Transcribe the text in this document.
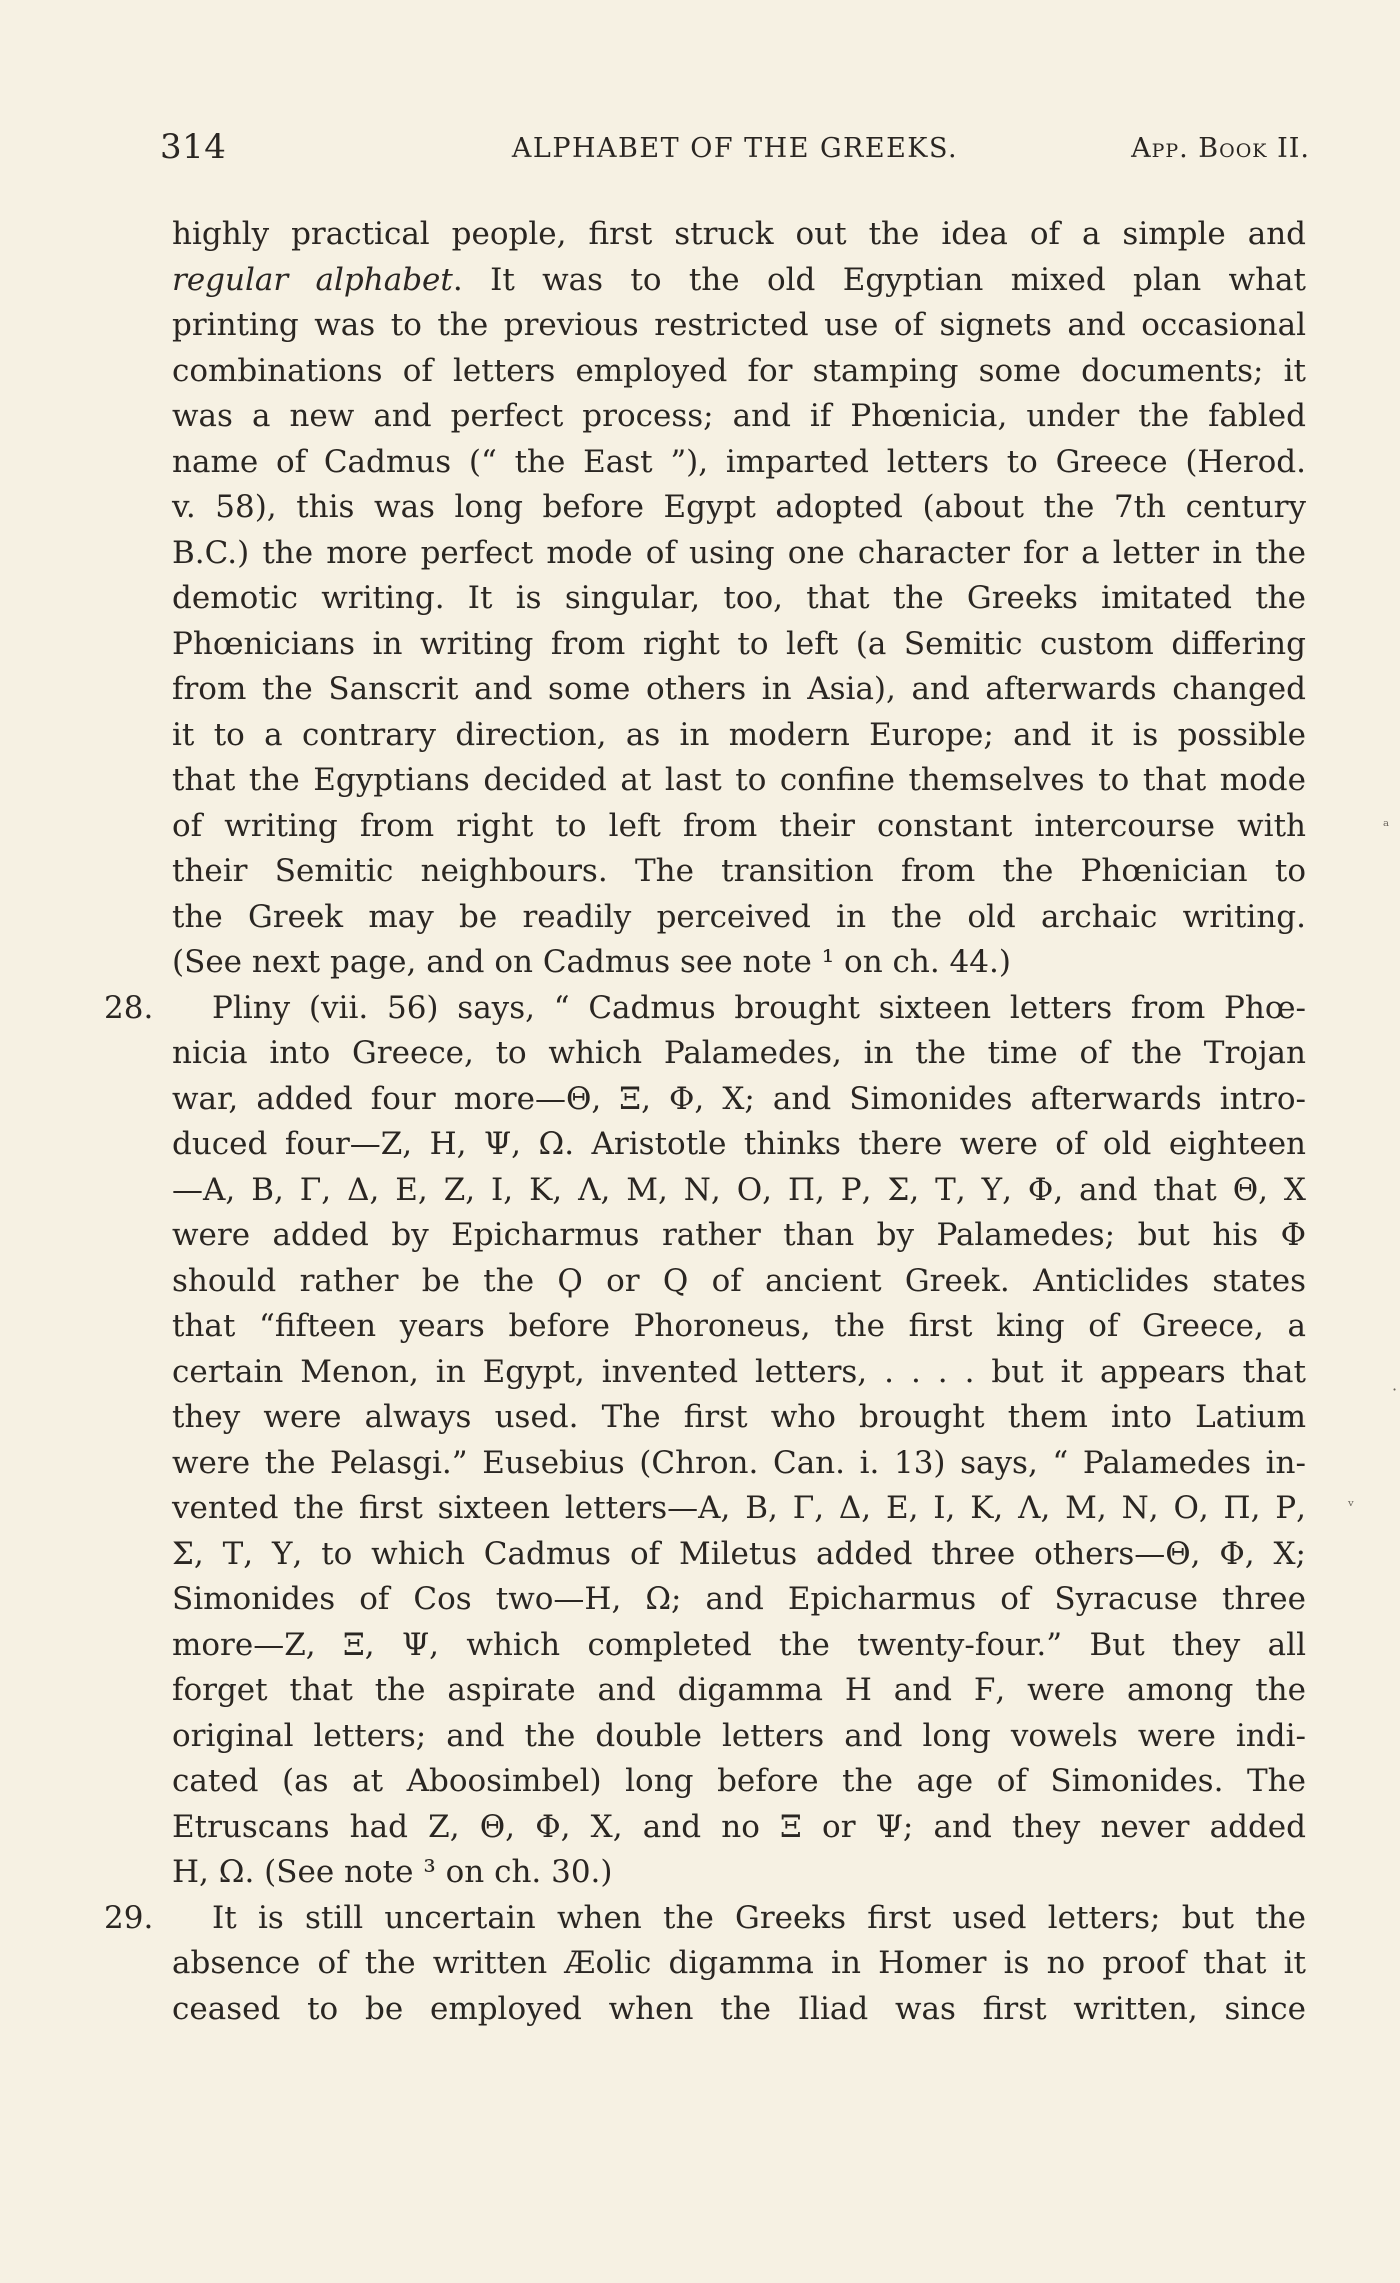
314	ALPHABET OF THE GREEKS.	App. Book II.
highly practical people, first struck out the idea of a simple and
regular alphabet. It was to the old Egyptian mixed plan what
printing was to the previous restricted use of signets and occasional
combinations of letters employed for stamping some documents; it
was a new and perfect process; and if Phœnicia, under the fabled
name of Cadmus (“ the East ”), imparted letters to Greece (Herod.
v. 58), this was long before Egypt adopted (about the 7th century
B.C.) the more perfect mode of using one character for a letter in the
demotic writing. It is singular, too, that the Greeks imitated the
Phœnicians in writing from right to left (a Semitic custom differing
from the Sanscrit and some others in Asia), and afterwards changed
it to a contrary direction, as in modern Europe; and it is possible
that the Egyptians decided at last to confine themselves to that mode
of writing from right to left from their constant intercourse with
their Semitic neighbours. The transition from the Phœnician to
the Greek may be readily perceived in the old archaic writing.
(See next page, and on Cadmus see note ¹ on ch. 44.)
28. Pliny (vii. 56) says, “ Cadmus brought sixteen letters from Phœ-
nicia into Greece, to which Palamedes, in the time of the Trojan
war, added four more—Θ, Ξ, Φ, Χ; and Simonides afterwards intro-
duced four—Ζ, Η, Ψ, Ω. Aristotle thinks there were of old eighteen
—Α, Β, Γ, Δ, Ε, Ζ, Ι, Κ, Λ, Μ, Ν, Ο, Π, Ρ, Σ, Τ, Υ, Φ, and that Θ, Χ
were added by Epicharmus rather than by Palamedes; but his Φ
should rather be the Ϙ or Q of ancient Greek. Anticlides states
that “fifteen years before Phoroneus, the first king of Greece, a
certain Menon, in Egypt, invented letters, . . . . but it appears that
they were always used. The first who brought them into Latium
were the Pelasgi.” Eusebius (Chron. Can. i. 13) says, “ Palamedes in-
vented the first sixteen letters—Α, Β, Γ, Δ, Ε, Ι, Κ, Λ, Μ, Ν, Ο, Π, Ρ,
Σ, Τ, Υ, to which Cadmus of Miletus added three others—Θ, Φ, Χ;
Simonides of Cos two—Η, Ω; and Epicharmus of Syracuse three
more—Ζ, Ξ, Ψ, which completed the twenty-four.” But they all
forget that the aspirate and digamma Η and Ϝ, were among the
original letters; and the double letters and long vowels were indi-
cated (as at Aboosimbel) long before the age of Simonides. The
Etruscans had Ζ, Θ, Φ, Χ, and no Ξ or Ψ; and they never added
Η, Ω. (See note ³ on ch. 30.)
29. It is still uncertain when the Greeks first used letters; but the
absence of the written Æolic digamma in Homer is no proof that it
ceased to be employed when the Iliad was first written, since
ᵃ
·
ᵛ
